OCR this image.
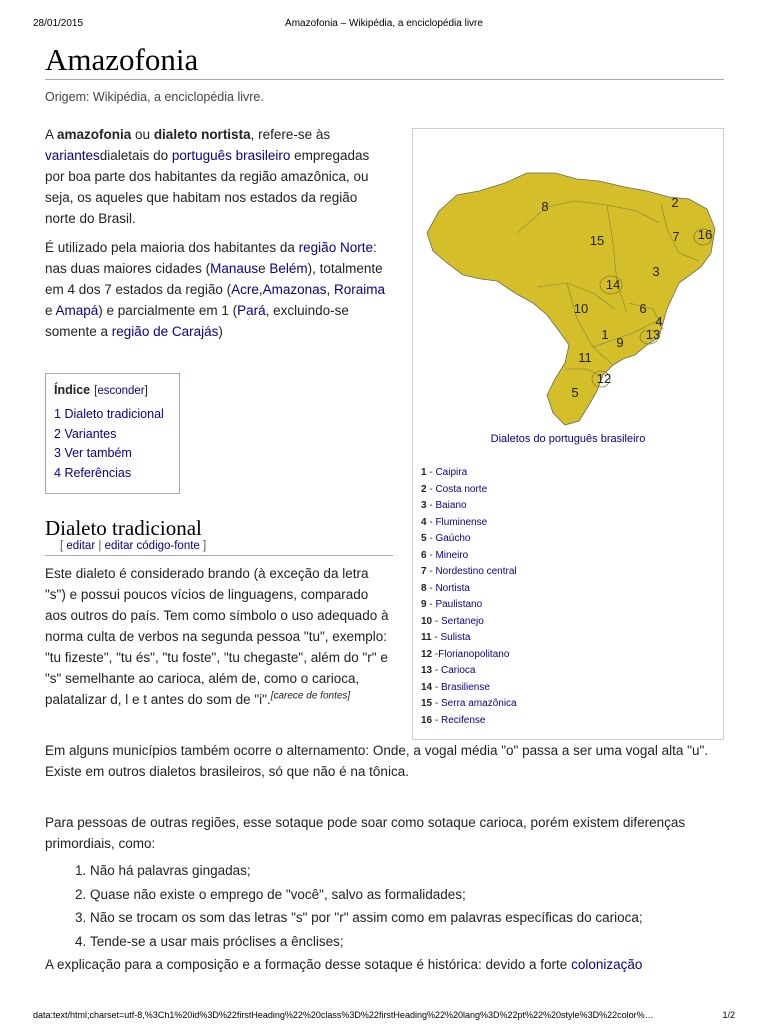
28/01/2015	Amazofonia – Wikipédia, a enciclopédia livre
Amazofonia
Origem: Wikipédia, a enciclopédia livre.

A amazofonia ou dialeto nortista, refere-se às variantesdialetais do português brasileiro empregadas por boa parte dos habitantes da região amazônica, ou seja, os aqueles que habitam nos estados da região norte do Brasil.

É utilizado pela maioria dos habitantes da região Norte: nas duas maiores cidades (Manause Belém), totalmente em 4 dos 7 estados da região (Acre,Amazonas, Roraima e Amapá) e parcialmente em 1 (Pará, excluindo-se somente a região de Carajás)

Índice [esconder]
1 Dialeto tradicional
2 Variantes
3 Ver também
4 Referências
8	2
7 16
15
14
3
10	6
4
13
1
9
11
12
5
Dialetos do português brasileiro
1 - Caipira
2 - Costa norte
3 - Baiano
4 - Fluminense
5 - Gaúcho
6 - Mineiro
7 - Nordestino central
8 - Nortista
9 - Paulistano
10 - Sertanejo
11 - Sulista
12 -Florianopolitano
13 - Carioca
14 - Brasiliense
15 - Serra amazônica
16 - Recifense
Dialeto tradicional
[ editar | editar código-fonte ]

Este dialeto é considerado brando (à exceção da letra "s") e possui poucos vícios de linguagens, comparado aos outros do país. Tem como símbolo o uso adequado à norma culta de verbos na segunda pessoa "tu", exemplo: "tu fizeste", "tu és", "tu foste", "tu chegaste", além do "r" e "s" semelhante ao carioca, além de, como o carioca, palatalizar d, l e t antes do som de "i".[carece de fontes]

Em alguns municípios também ocorre o alternamento: Onde, a vogal média "o" passa a ser uma vogal alta "u". Existe em outros dialetos brasileiros, só que não é na tônica.

Para pessoas de outras regiões, esse sotaque pode soar como sotaque carioca, porém existem diferenças primordiais, como:

1. Não há palavras gingadas;
2. Quase não existe o emprego de "você", salvo as formalidades;
3. Não se trocam os som das letras "s" por "r" assim como em palavras específicas do carioca;
4. Tende-se a usar mais próclises a ênclises;

A explicação para a composição e a formação desse sotaque é histórica: devido a forte colonização

data:text/html;charset=utf-8,%3Ch1%20id%3D%22firstHeading%22%20class%3D%22firstHeading%22%20lang%3D%22pt%22%20style%3D%22color%…	1/2
